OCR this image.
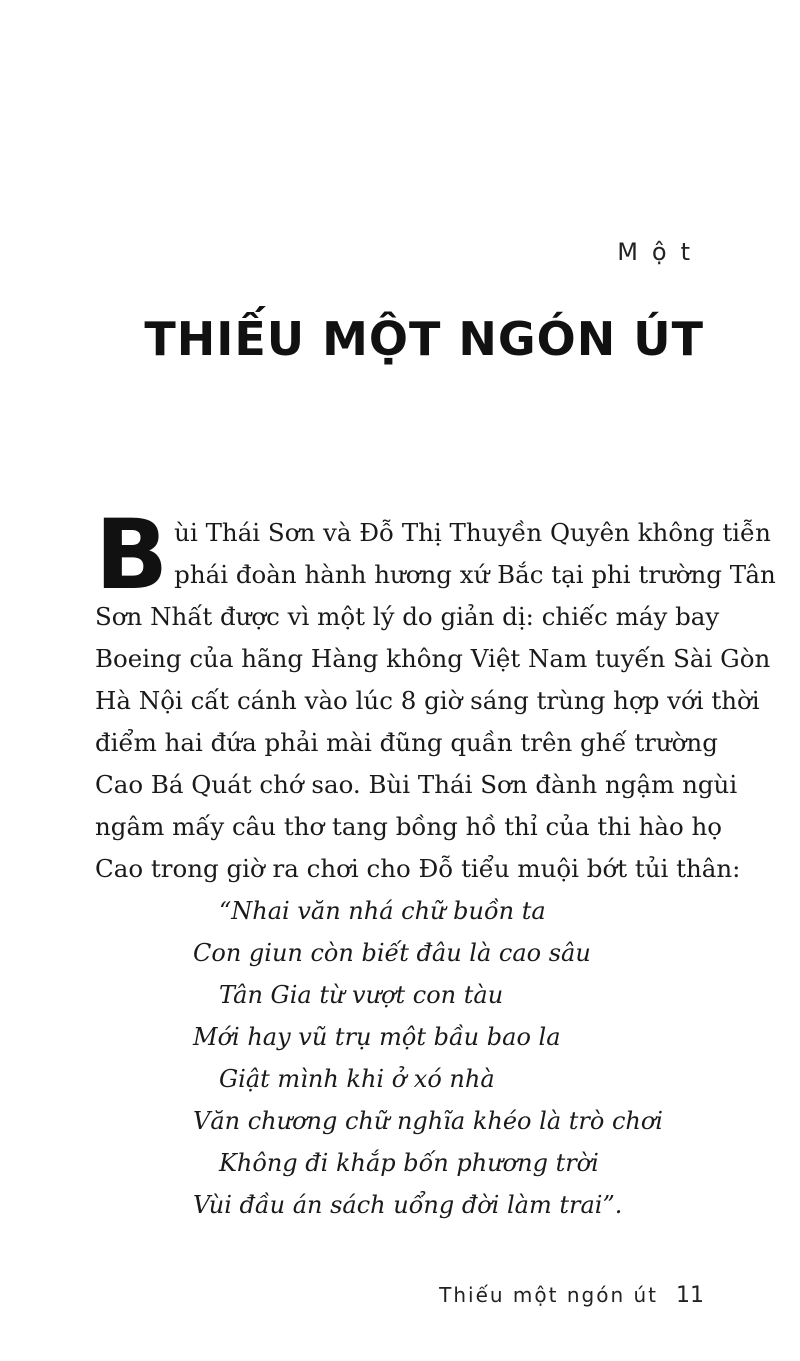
Một
THIẾU MỘT NGÓN ÚT
B ùi Thái Sơn và Đỗ Thị Thuyền Quyên không tiễn
phái đoàn hành hương xứ Bắc tại phi trường Tân
Sơn Nhất được vì một lý do giản dị: chiếc máy bay
Boeing của hãng Hàng không Việt Nam tuyến Sài Gòn
Hà Nội cất cánh vào lúc 8 giờ sáng trùng hợp với thời
điểm hai đứa phải mài đũng quần trên ghế trường
Cao Bá Quát chớ sao. Bùi Thái Sơn đành ngậm ngùi
ngâm mấy câu thơ tang bồng hồ thỉ của thi hào họ
Cao trong giờ ra chơi cho Đỗ tiểu muội bớt tủi thân:
“Nhai văn nhá chữ buồn ta
Con giun còn biết đâu là cao sâu
Tân Gia từ vượt con tàu
Mới hay vũ trụ một bầu bao la
Giật mình khi ở xó nhà
Văn chương chữ nghĩa khéo là trò chơi
Không đi khắp bốn phương trời
Vùi đầu án sách uổng đời làm trai”.
Thiếu một ngón út 11
